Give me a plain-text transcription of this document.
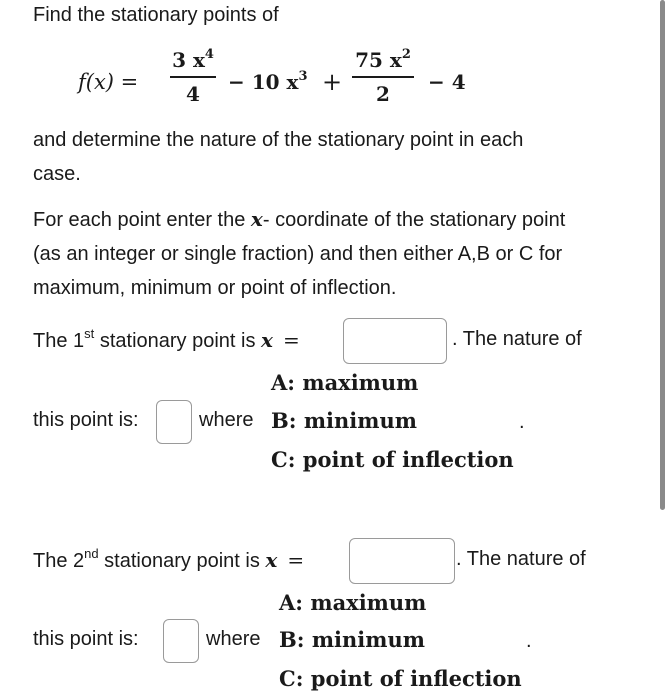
Find the stationary points of
f(x) =
3 $x^4$
4	− 10 $x^3$ +
75 $x^2$
2	− 4
and determine the nature of the stationary point in each
case.
For each point enter the x- coordinate of the stationary point
(as an integer or single fraction) and then either A,B or C for
maximum, minimum or point of inflection.
The 1st stationary point is x =	. The nature of
A: maximum
this point is:	where B: minimum	.
C: point of inflection
The 2nd stationary point is x =	. The nature of
A: maximum
this point is:	where B: minimum	.
C: point of inflection
